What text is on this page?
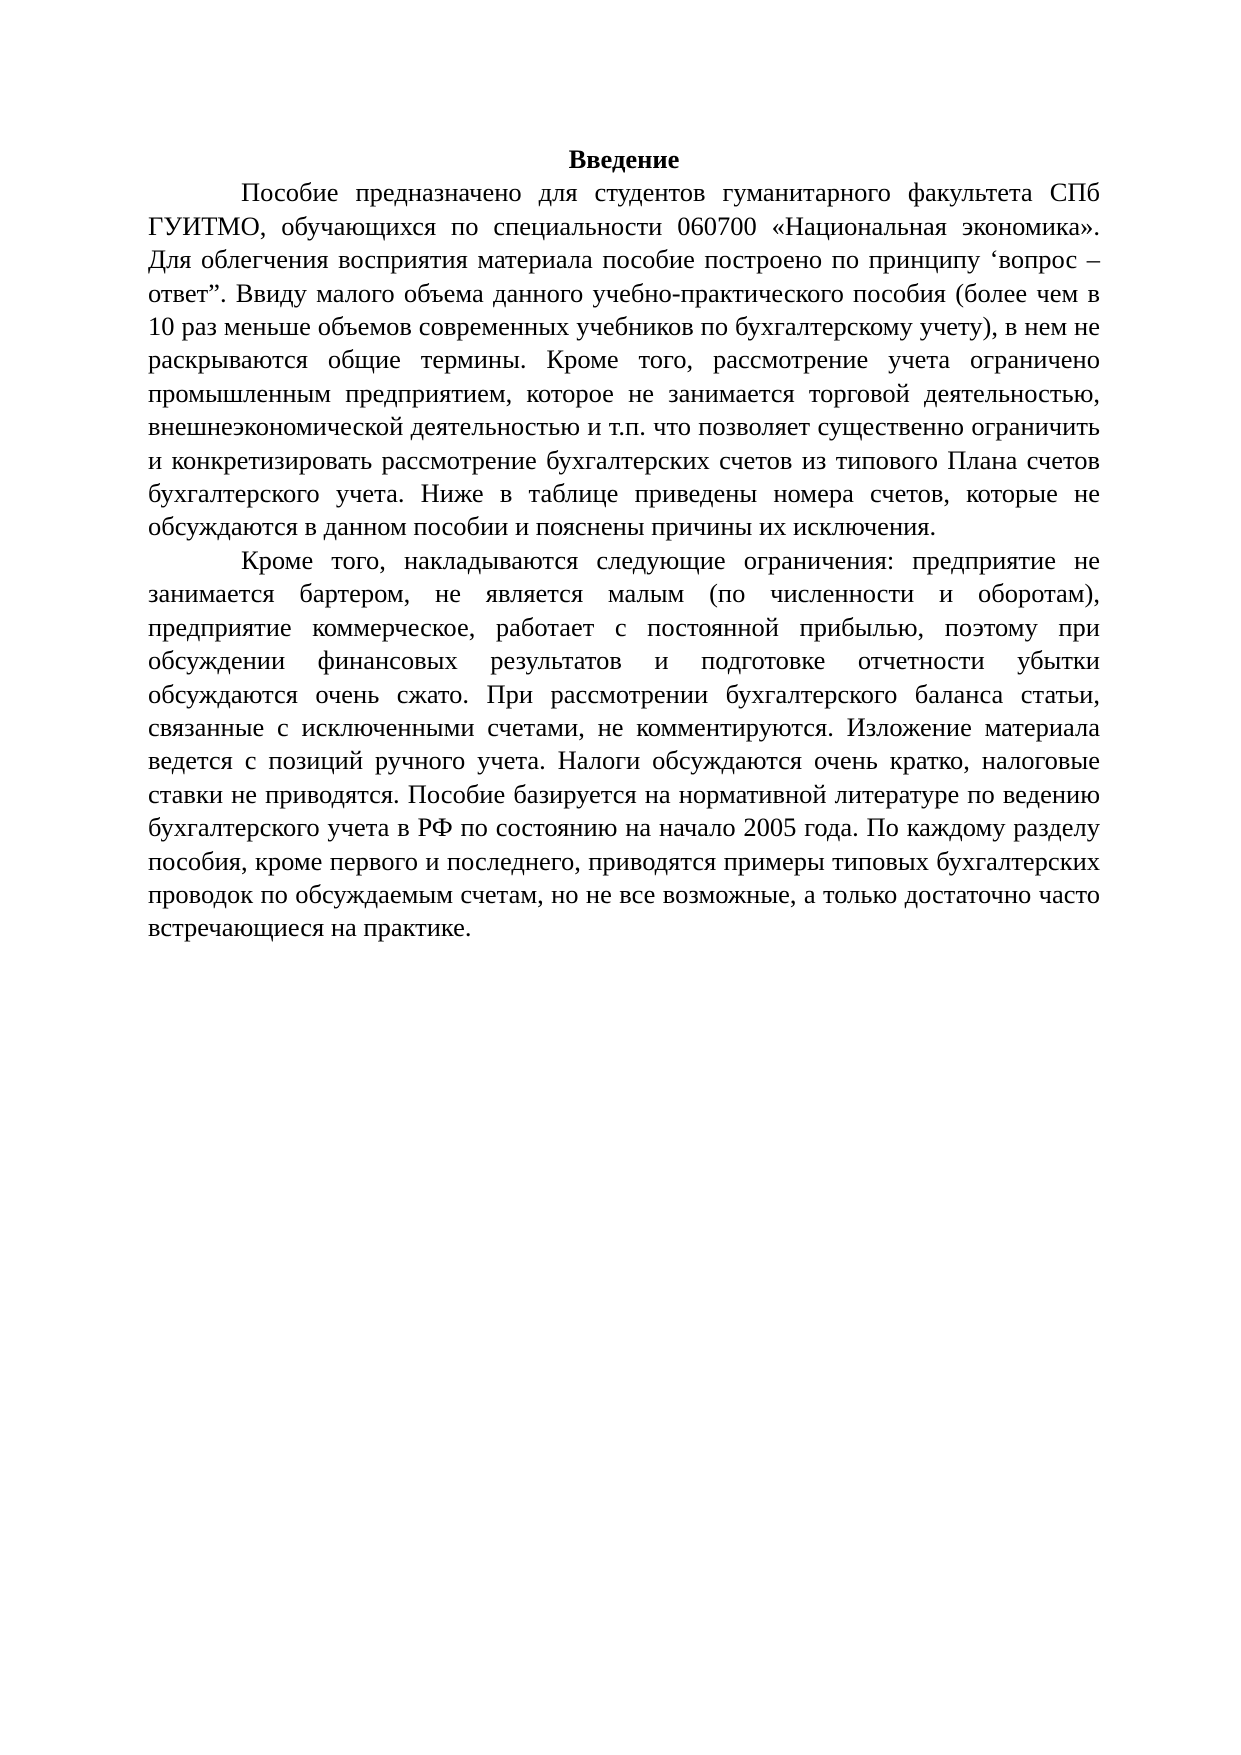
Введение

Пособие предназначено для студентов гуманитарного факультета СПб ГУИТМО, обучающихся по специальности 060700 «Национальная экономика». Для облегчения восприятия материала пособие построено по принципу ‘вопрос – ответ”. Ввиду малого объема данного учебно-практического пособия (более чем в 10 раз меньше объемов современных учебников по бухгалтерскому учету), в нем не раскрываются общие термины. Кроме того, рассмотрение учета ограничено промышленным предприятием, которое не занимается торговой деятельностью, внешнеэкономической деятельностью и т.п. что позволяет существенно ограничить и конкретизировать рассмотрение бухгалтерских счетов из типового Плана счетов бухгалтерского учета. Ниже в таблице приведены номера счетов, которые не обсуждаются в данном пособии и пояснены причины их исключения.

Кроме того, накладываются следующие ограничения: предприятие не занимается бартером, не является малым (по численности и оборотам), предприятие коммерческое, работает с постоянной прибылью, поэтому при обсуждении финансовых результатов и подготовке отчетности убытки обсуждаются очень сжато. При рассмотрении бухгалтерского баланса статьи, связанные с исключенными счетами, не комментируются. Изложение материала ведется с позиций ручного учета. Налоги обсуждаются очень кратко, налоговые ставки не приводятся. Пособие базируется на нормативной литературе по ведению бухгалтерского учета в РФ по состоянию на начало 2005 года. По каждому разделу пособия, кроме первого и последнего, приводятся примеры типовых бухгалтерских проводок по обсуждаемым счетам, но не все возможные, а только достаточно часто встречающиеся на практике.
